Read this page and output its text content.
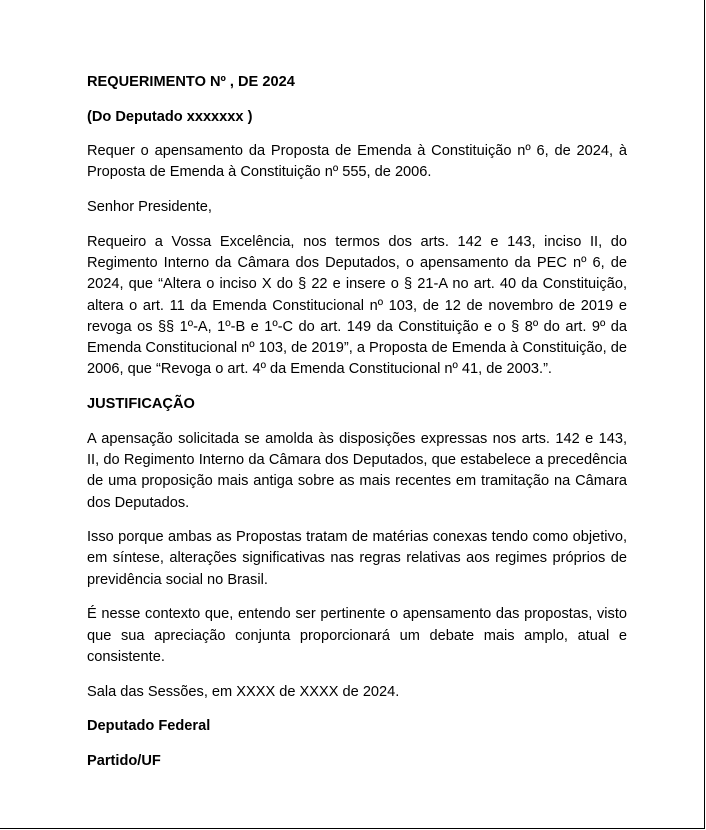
REQUERIMENTO Nº , DE 2024

(Do Deputado xxxxxxx )

Requer o apensamento da Proposta de Emenda à Constituição nº 6, de 2024, à Proposta de Emenda à Constituição nº 555, de 2006.

Senhor Presidente,

Requeiro a Vossa Excelência, nos termos dos arts. 142 e 143, inciso II, do Regimento Interno da Câmara dos Deputados, o apensamento da PEC nº 6, de 2024, que “Altera o inciso X do § 22 e insere o § 21-A no art. 40 da Constituição, altera o art. 11 da Emenda Constitucional nº 103, de 12 de novembro de 2019 e revoga os §§ 1º-A, 1º-B e 1º-C do art. 149 da Constituição e o § 8º do art. 9º da Emenda Constitucional nº 103, de 2019”, a Proposta de Emenda à Constituição, de 2006, que “Revoga o art. 4º da Emenda Constitucional nº 41, de 2003.”.

JUSTIFICAÇÃO

A apensação solicitada se amolda às disposições expressas nos arts. 142 e 143, II, do Regimento Interno da Câmara dos Deputados, que estabelece a precedência de uma proposição mais antiga sobre as mais recentes em tramitação na Câmara dos Deputados.

Isso porque ambas as Propostas tratam de matérias conexas tendo como objetivo, em síntese, alterações significativas nas regras relativas aos regimes próprios de previdência social no Brasil.

É nesse contexto que, entendo ser pertinente o apensamento das propostas, visto que sua apreciação conjunta proporcionará um debate mais amplo, atual e consistente.

Sala das Sessões, em XXXX de XXXX de 2024.

Deputado Federal

Partido/UF
